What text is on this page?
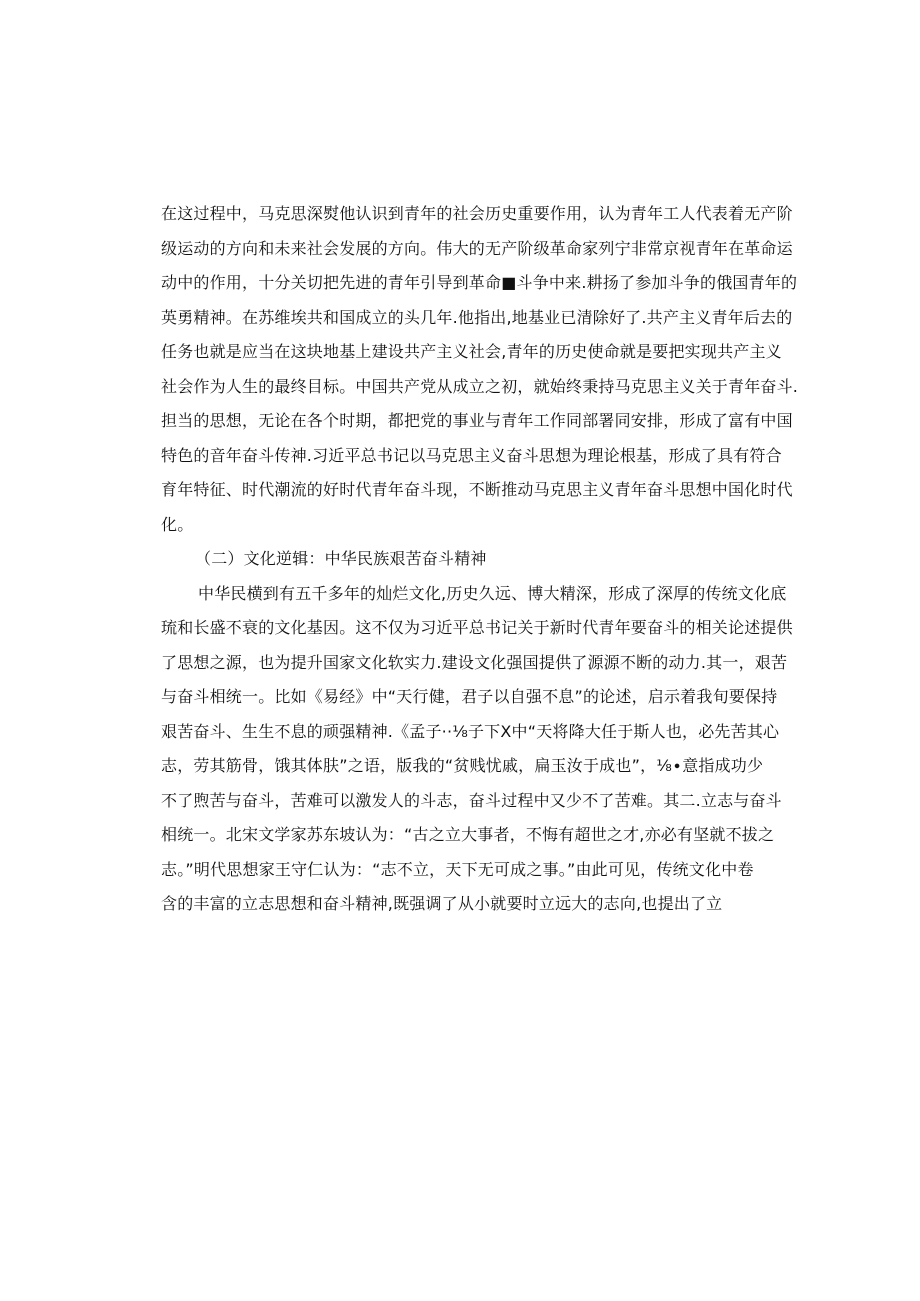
在这过程中，马克思深熨他认识到青年的社会历史重要作用，认为青年工人代表着无产阶
级运动的方向和未来社会发展的方向。伟大的无产阶级革命家列宁非常京视青年在革命运
动中的作用，十分关切把先进的青年引导到革命■斗争中来.耕扬了参加斗争的俄国青年的
英勇精神。在苏维埃共和国成立的头几年.他指出,地基业已清除好了.共产主义青年后去的
任务也就是应当在这块地基上建设共产主义社会,青年的历史使命就是要把实现共产主义
社会作为人生的最终目标。中国共产党从成立之初，就始终秉持马克思主义关于青年奋斗.
担当的思想，无论在各个时期，都把党的事业与青年工作同部署同安排，形成了富有中国
特色的音年奋斗传神.习近平总书记以马克思主义奋斗思想为理论根基，形成了具有符合
育年特征、时代潮流的好时代青年奋斗现，不断推动马克思主义青年奋斗思想中国化时代
化。
（二）文化逆辑：中华民族艰苦奋斗精神
中华民横到有五千多年的灿烂文化,历史久远、博大精深，形成了深厚的传统文化底
琉和长盛不衰的文化基因。这不仅为习近平总书记关于新时代青年要奋斗的相关论述提供
了思想之源，也为提升国家文化软实力.建设文化强国提供了源源不断的动力.其一，艰苦
与奋斗相统一。比如《易经》中“天行健，君子以自强不息”的论述，启示着我旬要保持
艰苦奋斗、生生不息的顽强精神.《孟子··⅛子下X中“天将降大任于斯人也，必先苦其心
志，劳其筋骨，饿其体肤”之语，版我的“贫贱忧戚，扁玉汝于成也”，⅛∙意指成功少
不了煦苦与奋斗，苦难可以激发人的斗志，奋斗过程中又少不了苦难。其二.立志与奋斗
相统一。北宋文学家苏东坡认为：“古之立大事者，不悔有超世之才,亦必有坚就不拔之
志。”明代思想家王守仁认为：“志不立，天下无可成之事。”由此可见，传统文化中卷
含的丰富的立志思想和奋斗精神,既强调了从小就要时立远大的志向,也提出了立
